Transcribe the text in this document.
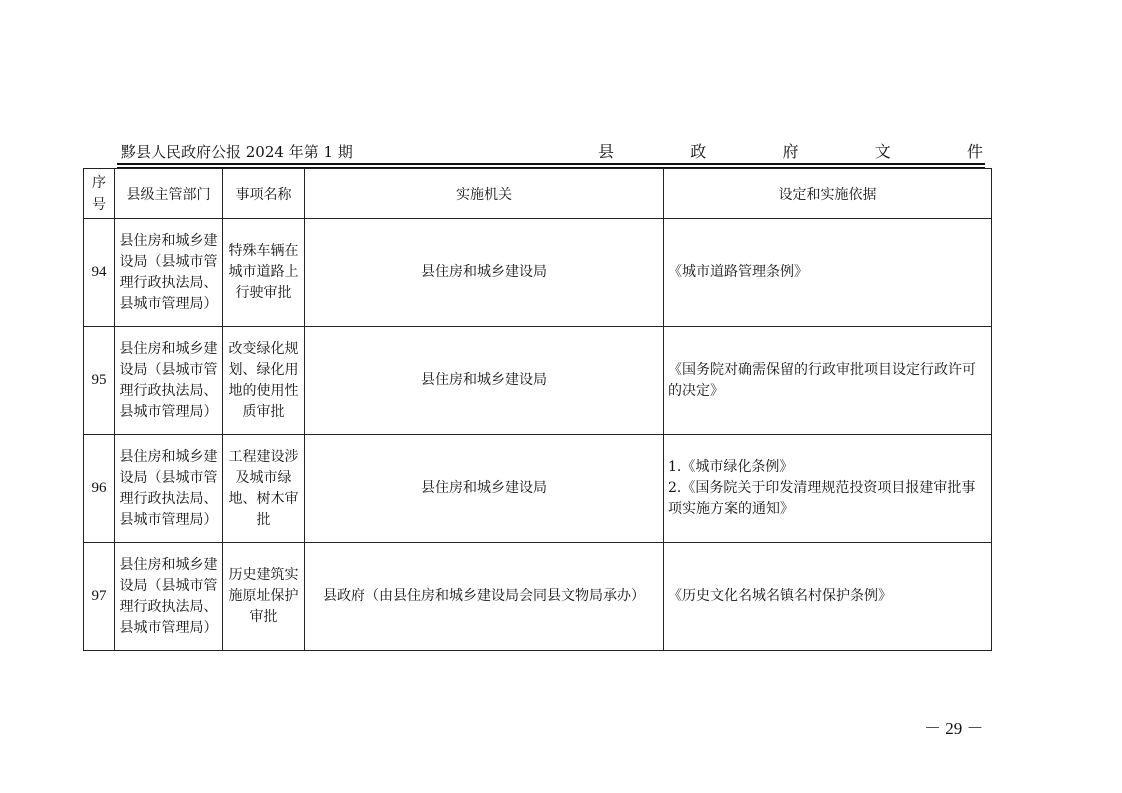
黟县人民政府公报 2024 年第 1 期	县	政	府	文	件
序号	县级主管部门	事项名称	实施机关	设定和实施依据
94	县住房和城乡建设局（县城市管理行政执法局、县城市管理局）	特殊车辆在城市道路上行驶审批	县住房和城乡建设局	《城市道路管理条例》

95	县住房和城乡建设局（县城市管理行政执法局、县城市管理局）	改变绿化规划、绿化用地的使用性质审批	县住房和城乡建设局	《国务院对确需保留的行政审批项目设定行政许可的决定》

96	县住房和城乡建设局（县城市管理行政执法局、县城市管理局）	工程建设涉及城市绿地、树木审批	县住房和城乡建设局	1.《城市绿化条例》
2.《国务院关于印发清理规范投资项目报建审批事项实施方案的通知》

97	县住房和城乡建设局（县城市管理行政执法局、县城市管理局）	历史建筑实施原址保护审批	县政府（由县住房和城乡建设局会同县文物局承办）	《历史文化名城名镇名村保护条例》
－ 29 －
